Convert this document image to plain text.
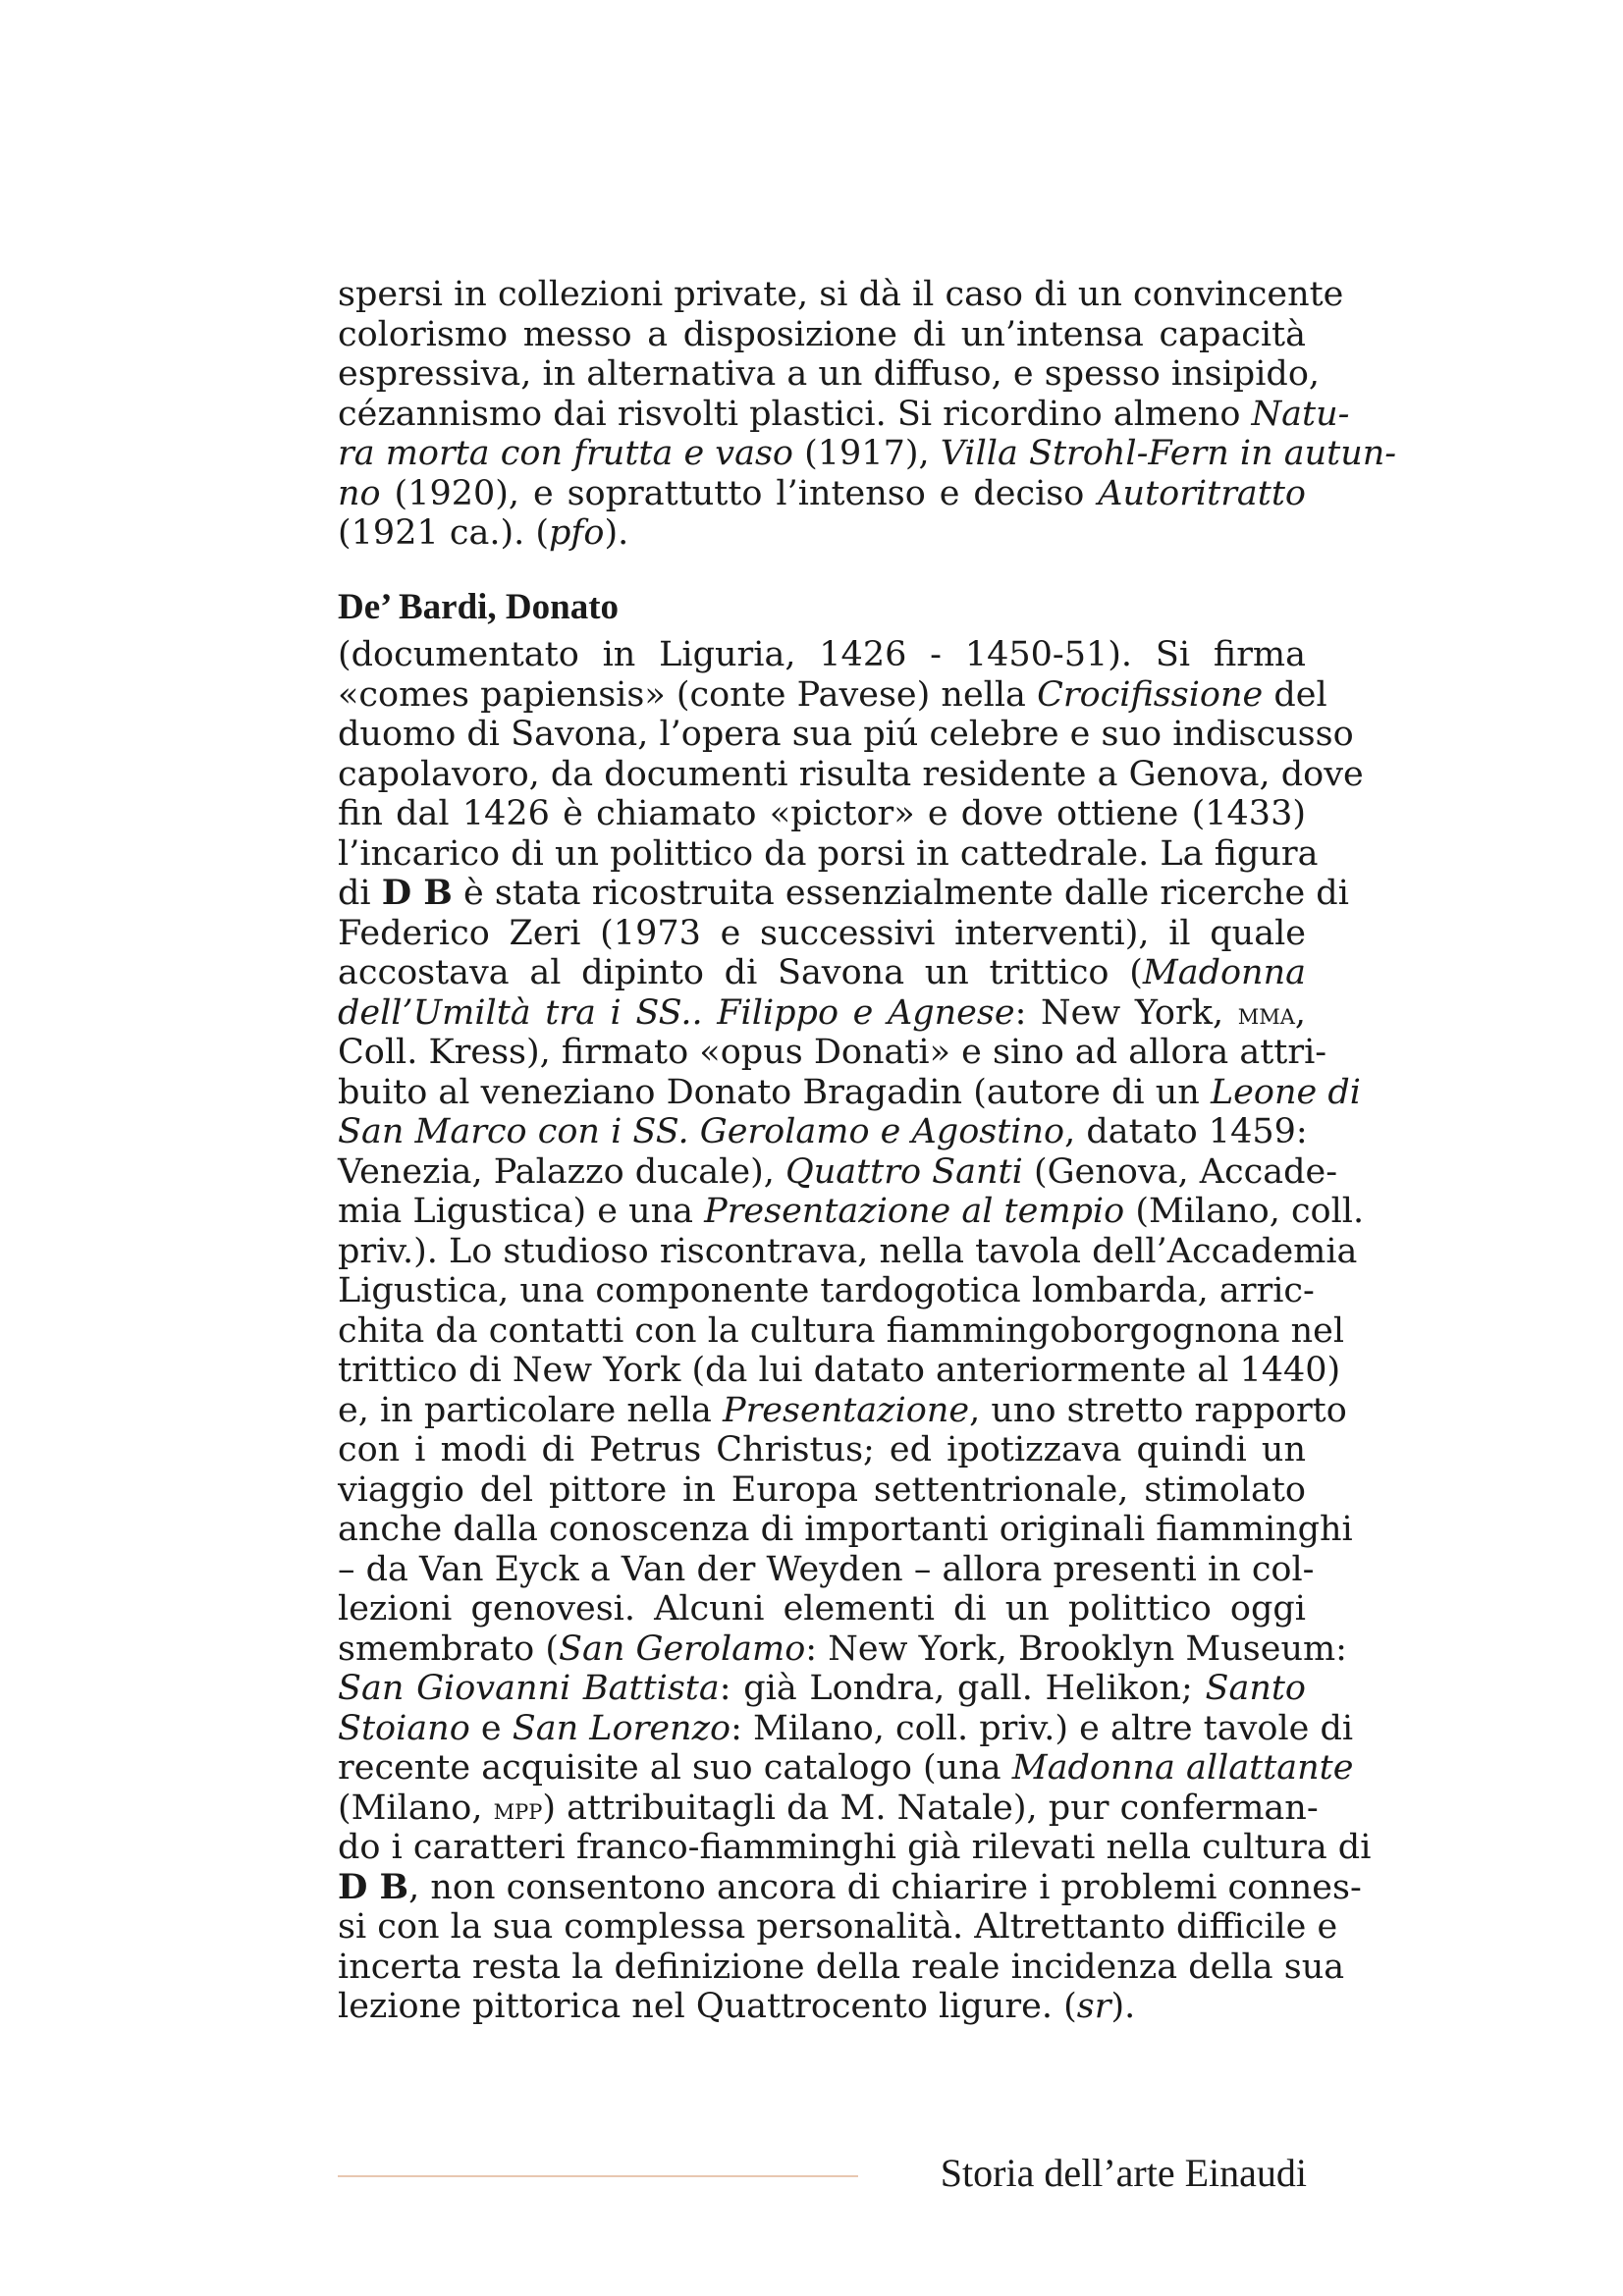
spersi in collezioni private, si dà il caso di un convincente
colorismo messo a disposizione di un’intensa capacità
espressiva, in alternativa a un diffuso, e spesso insipido,
cézannismo dai risvolti plastici. Si ricordino almeno Natu-
ra morta con frutta e vaso (1917), Villa Strohl-Fern in autun-
no (1920), e soprattutto l’intenso e deciso Autoritratto
(1921 ca.). (pfo).
De’ Bardi, Donato
(documentato in Liguria, 1426 - 1450-51). Si firma
«comes papiensis» (conte Pavese) nella Crocifissione del
duomo di Savona, l’opera sua piú celebre e suo indiscusso
capolavoro, da documenti risulta residente a Genova, dove
fin dal 1426 è chiamato «pictor» e dove ottiene (1433)
l’incarico di un polittico da porsi in cattedrale. La figura
di D B è stata ricostruita essenzialmente dalle ricerche di
Federico Zeri (1973 e successivi interventi), il quale
accostava al dipinto di Savona un trittico (Madonna
dell’Umiltà tra i SS.. Filippo e Agnese: New York, mma,
Coll. Kress), firmato «opus Donati» e sino ad allora attri-
buito al veneziano Donato Bragadin (autore di un Leone di
San Marco con i SS. Gerolamo e Agostino, datato 1459:
Venezia, Palazzo ducale), Quattro Santi (Genova, Accade-
mia Ligustica) e una Presentazione al tempio (Milano, coll.
priv.). Lo studioso riscontrava, nella tavola dell’Accademia
Ligustica, una componente tardogotica lombarda, arric-
chita da contatti con la cultura fiammingoborgognona nel
trittico di New York (da lui datato anteriormente al 1440)
e, in particolare nella Presentazione, uno stretto rapporto
con i modi di Petrus Christus; ed ipotizzava quindi un
viaggio del pittore in Europa settentrionale, stimolato
anche dalla conoscenza di importanti originali fiamminghi
– da Van Eyck a Van der Weyden – allora presenti in col-
lezioni genovesi. Alcuni elementi di un polittico oggi
smembrato (San Gerolamo: New York, Brooklyn Museum:
San Giovanni Battista: già Londra, gall. Helikon; Santo
Stoiano e San Lorenzo: Milano, coll. priv.) e altre tavole di
recente acquisite al suo catalogo (una Madonna allattante
(Milano, mpp) attribuitagli da M. Natale), pur conferman-
do i caratteri franco-fiamminghi già rilevati nella cultura di
D B, non consentono ancora di chiarire i problemi connes-
si con la sua complessa personalità. Altrettanto difficile e
incerta resta la definizione della reale incidenza della sua
lezione pittorica nel Quattrocento ligure. (sr).
Storia dell’arte Einaudi
